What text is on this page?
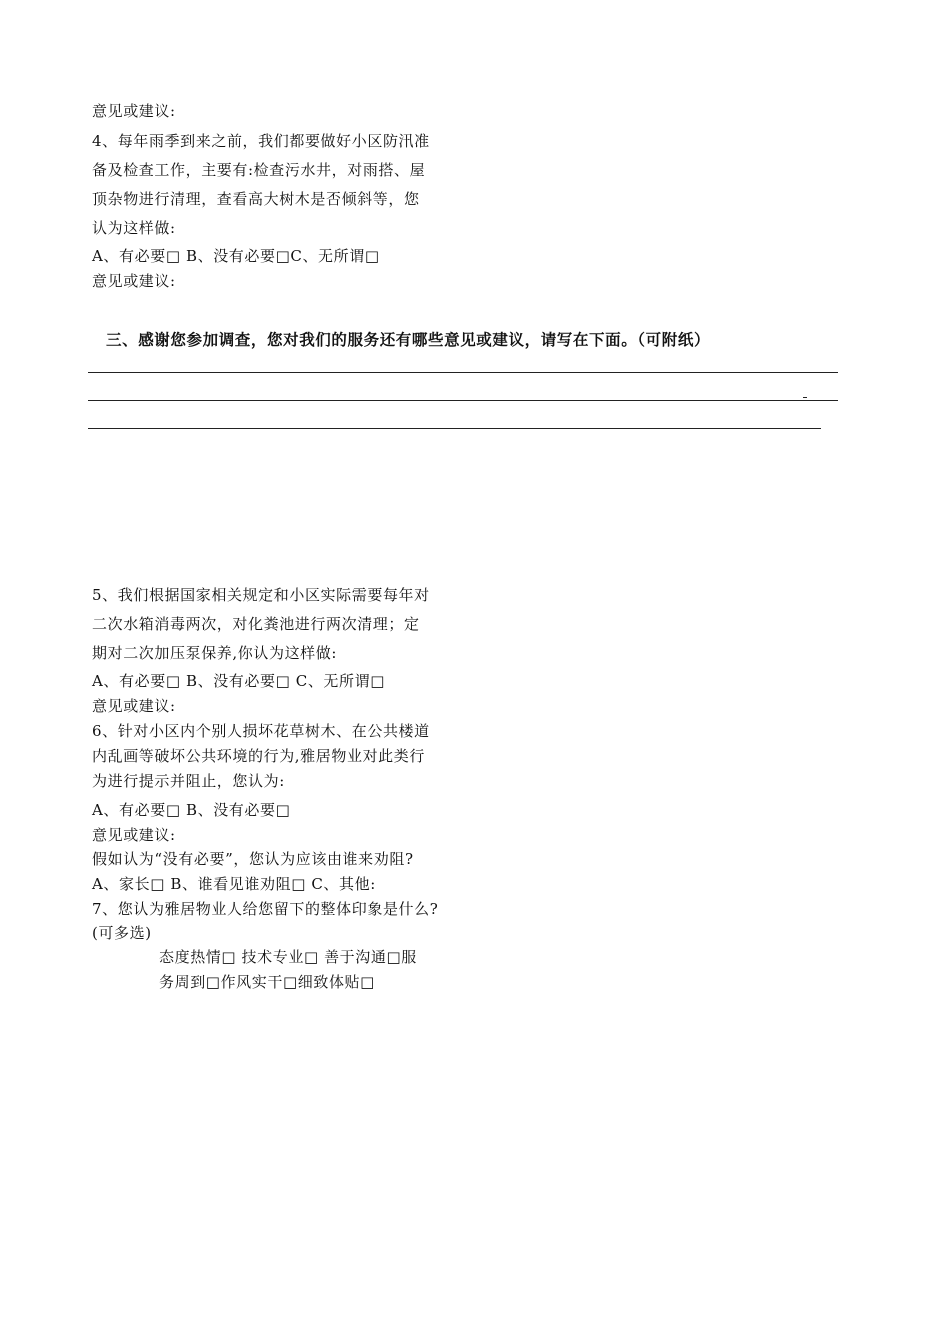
意见或建议:

4、每年雨季到来之前，我们都要做好小区防汛准

备及检查工作，主要有:检查污水井，对雨搭、屋

顶杂物进行清理，查看高大树木是否倾斜等，您

认为这样做:

A、有必要□ B、没有必要□C、无所谓□

意见或建议:

三、感谢您参加调查，您对我们的服务还有哪些意见或建议，请写在下面。（可附纸）

5、我们根据国家相关规定和小区实际需要每年对

二次水箱消毒两次，对化粪池进行两次清理；定

期对二次加压泵保养,你认为这样做:

A、有必要□ B、没有必要□ C、无所谓□

意见或建议:

6、针对小区内个别人损坏花草树木、在公共楼道

内乱画等破坏公共环境的行为,雅居物业对此类行

为进行提示并阻止，您认为:

A、有必要□ B、没有必要□

意见或建议:

假如认为“没有必要”，您认为应该由谁来劝阻?

A、家长□ B、谁看见谁劝阻□ C、其他:

7、您认为雅居物业人给您留下的整体印象是什么?

(可多选)

态度热情□ 技术专业□ 善于沟通□服

务周到□作风实干□细致体贴□
